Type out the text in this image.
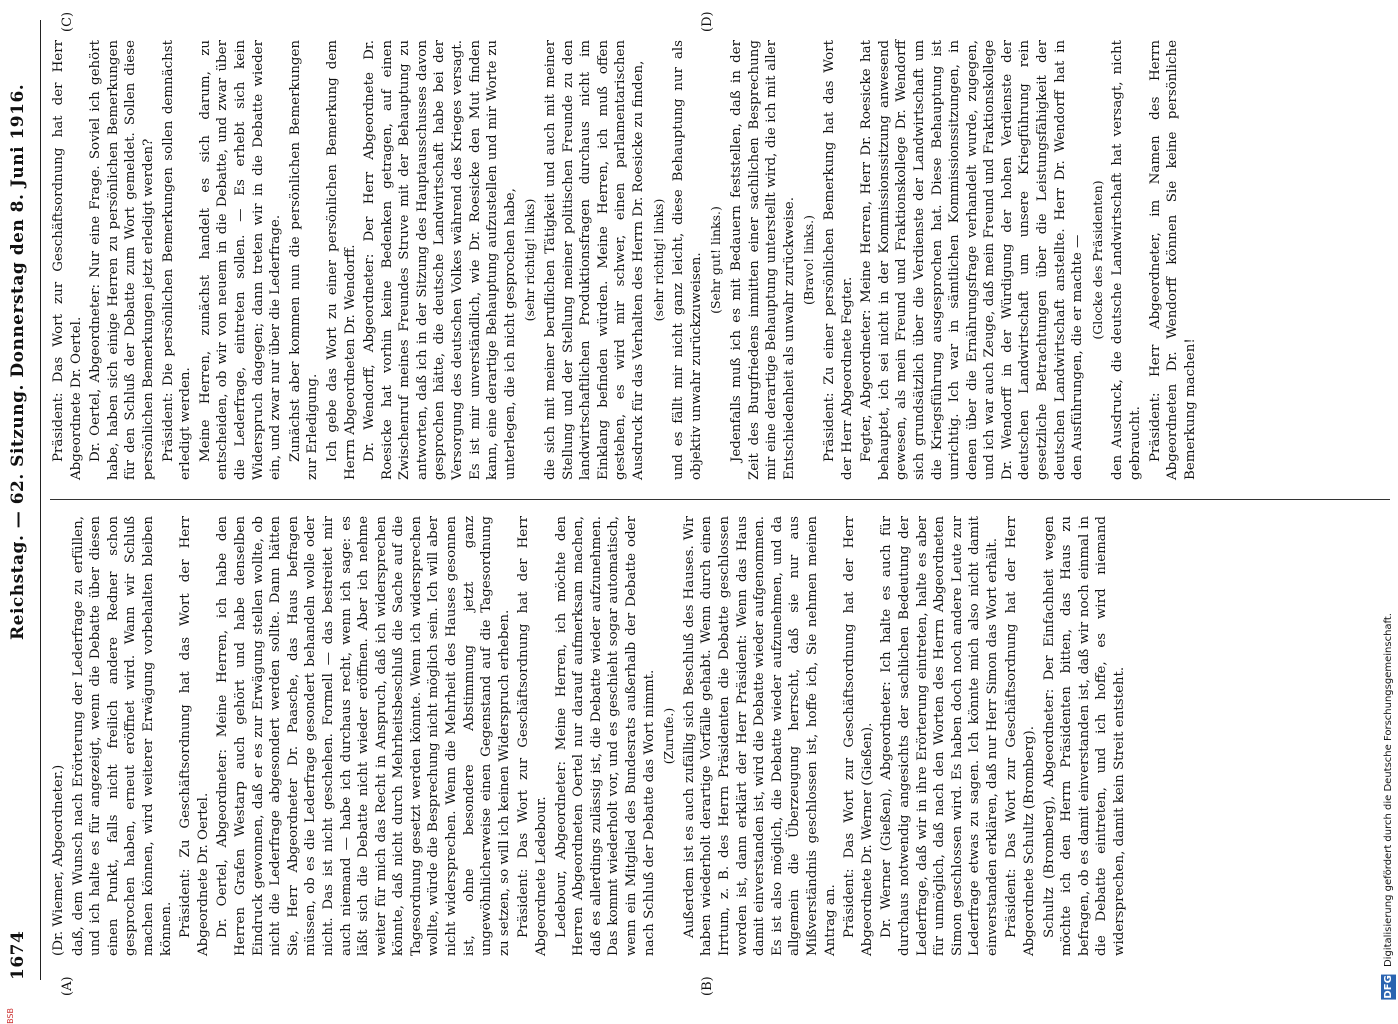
1674
Reichstag. — 62. Sitzung. Donnerstag den 8. Juni 1916.
(A)	(B)
(C)	(D)

(Dr. Wiemer, Abgeordneter.) daß, dem Wunsch nach Erörterung der Lederfrage zu erfüllen, und ich halte es für angezeigt, wenn die Debatte über diesen einen Punkt, falls nicht freilich andere Redner schon gesprochen haben, erneut eröffnet wird. Wann wir Schluß machen können, wird weiterer Erwägung vorbehalten bleiben können. Präsident: Zu Geschäftsordnung hat das Wort der Herr Abgeordnete Dr. Oertel. Dr. Oertel, Abgeordneter: Meine Herren, ich habe den Herren Grafen Westarp auch gehört und habe denselben Eindruck gewonnen, daß er es zur Erwägung stellen wollte, ob nicht die Lederfrage abgesondert werden sollte. Dann hätten Sie, Herr Abgeordneter Dr. Paasche, das Haus befragen müssen, ob es die Lederfrage gesondert behandeln wolle oder nicht. Das ist nicht geschehen. Formell — das bestreitet mir auch niemand — habe ich durchaus recht, wenn ich sage: es läßt sich die Debatte nicht wieder eröffnen. Aber ich nehme weiter für mich das Recht in Anspruch, daß ich widersprechen könnte, daß nicht durch Mehrheitsbeschluß die Sache auf die Tagesordnung gesetzt werden könnte. Wenn ich widersprechen wollte, würde die Besprechung nicht möglich sein. Ich will aber nicht widersprechen. Wenn die Mehrheit des Hauses gesonnen ist, ohne besondere Abstimmung jetzt ganz ungewöhnlicherweise einen Gegenstand auf die Tagesordnung zu setzen, so will ich keinen Widerspruch erheben. Präsident: Das Wort zur Geschäftsordnung hat der Herr Abgeordnete Ledebour. Ledebour, Abgeordneter: Meine Herren, ich möchte den Herren Abgeordneten Oertel nur darauf aufmerksam machen, daß es allerdings zulässig ist, die Debatte wieder aufzunehmen. Das kommt wiederholt vor, und es geschieht sogar automatisch, wenn ein Mitglied des Bundesrats außerhalb der Debatte oder nach Schluß der Debatte das Wort nimmt. (Zurufe.) Außerdem ist es auch zufällig sich Beschluß des Hauses. Wir haben wiederholt derartige Vorfälle gehabt. Wenn durch einen Irrtum, z. B. des Herrn Präsidenten die Debatte geschlossen worden ist, dann erklärt der Herr Präsident: Wenn das Haus damit einverstanden ist, wird die Debatte wieder aufgenommen. Es ist also möglich, die Debatte wieder aufzunehmen, und da allgemein die Überzeugung herrscht, daß sie nur aus Mißverständnis geschlossen ist, hoffe ich, Sie nehmen meinen Antrag an. Präsident: Das Wort zur Geschäftsordnung hat der Herr Abgeordnete Dr. Werner (Gießen). Dr. Werner (Gießen), Abgeordneter: Ich halte es auch für durchaus notwendig angesichts der sachlichen Bedeutung der Lederfrage, daß wir in ihre Erörterung eintreten, halte es aber für unmöglich, daß nach den Worten des Herrn Abgeordneten Simon geschlossen wird. Es haben doch noch andere Leute zur Lederfrage etwas zu sagen. Ich könnte mich also nicht damit einverstanden erklären, daß nur Herr Simon das Wort erhält. Präsident: Das Wort zur Geschäftsordnung hat der Herr Abgeordnete Schultz (Bromberg). Schultz (Bromberg), Abgeordneter: Der Einfachheit wegen möchte ich den Herrn Präsidenten bitten, das Haus zu befragen, ob es damit einverstanden ist, daß wir noch einmal in die Debatte eintreten, und ich hoffe, es wird niemand widersprechen, damit kein Streit entsteht.

Präsident: Das Wort zur Geschäftsordnung hat der Herr Abgeordnete Dr. Oertel. Dr. Oertel, Abgeordneter: Nur eine Frage. Soviel ich gehört habe, haben sich einige Herren zu persönlichen Bemerkungen für den Schluß der Debatte zum Wort gemeldet. Sollen diese persönlichen Bemerkungen jetzt erledigt werden? Präsident: Die persönlichen Bemerkungen sollen demnächst erledigt werden. Meine Herren, zunächst handelt es sich darum, zu entscheiden, ob wir von neuem in die Debatte, und zwar über die Lederfrage, eintreten sollen. — Es erhebt sich kein Widerspruch dagegen; dann treten wir in die Debatte wieder ein, und zwar nur über die Lederfrage. Zunächst aber kommen nun die persönlichen Bemerkungen zur Erledigung. Ich gebe das Wort zu einer persönlichen Bemerkung dem Herrn Abgeordneten Dr. Wendorff. Dr. Wendorff, Abgeordneter: Der Herr Abgeordnete Dr. Roesicke hat vorhin keine Bedenken getragen, auf einen Zwischenruf meines Freundes Struve mit der Behauptung zu antworten, daß ich in der Sitzung des Hauptausschusses davon gesprochen hätte, die deutsche Landwirtschaft habe bei der Versorgung des deutschen Volkes während des Krieges versagt. Es ist mir unverständlich, wie Dr. Roesicke den Mut finden kann, eine derartige Behauptung aufzustellen und mir Worte zu unterlegen, die ich nicht gesprochen habe, (sehr richtig! links) die sich mit meiner beruflichen Tätigkeit und auch mit meiner Stellung und der Stellung meiner politischen Freunde zu den landwirtschaftlichen Produktionsfragen durchaus nicht im Einklang befinden würden. Meine Herren, ich muß offen gestehen, es wird mir schwer, einen parlamentarischen Ausdruck für das Verhalten des Herrn Dr. Roesicke zu finden, (sehr richtig! links) und es fällt mir nicht ganz leicht, diese Behauptung nur als objektiv unwahr zurückzuweisen. (Sehr gut! links.) Jedenfalls muß ich es mit Bedauern feststellen, daß in der Zeit des Burgfriedens inmitten einer sachlichen Besprechung mir eine derartige Behauptung unterstellt wird, die ich mit aller Entschiedenheit als unwahr zurückweise. (Bravo! links.) Präsident: Zu einer persönlichen Bemerkung hat das Wort der Herr Abgeordnete Fegter. Fegter, Abgeordneter: Meine Herren, Herr Dr. Roesicke hat behauptet, ich sei nicht in der Kommissionssitzung anwesend gewesen, als mein Freund und Fraktionskollege Dr. Wendorff sich grundsätzlich über die Verdienste der Landwirtschaft um die Kriegsführung ausgesprochen hat. Diese Behauptung ist unrichtig. Ich war in sämtlichen Kommissionssitzungen, in denen über die Ernährungsfrage verhandelt wurde, zugegen, und ich war auch Zeuge, daß mein Freund und Fraktionskollege Dr. Wendorff in der Würdigung der hohen Verdienste der deutschen Landwirtschaft um unsere Kriegführung rein gesetzliche Betrachtungen über die Leistungsfähigkeit der deutschen Landwirtschaft anstellte. Herr Dr. Wendorff hat in den Ausführungen, die er machte — (Glocke des Präsidenten) den Ausdruck, die deutsche Landwirtschaft hat versagt, nicht gebraucht. Präsident: Herr Abgeordneter, im Namen des Herrn Abgeordneten Dr. Wendorff können Sie keine persönliche Bemerkung machen!

DFG Digitalisierung gefördert durch die Deutsche Forschungsgemeinschaft.
BSB
